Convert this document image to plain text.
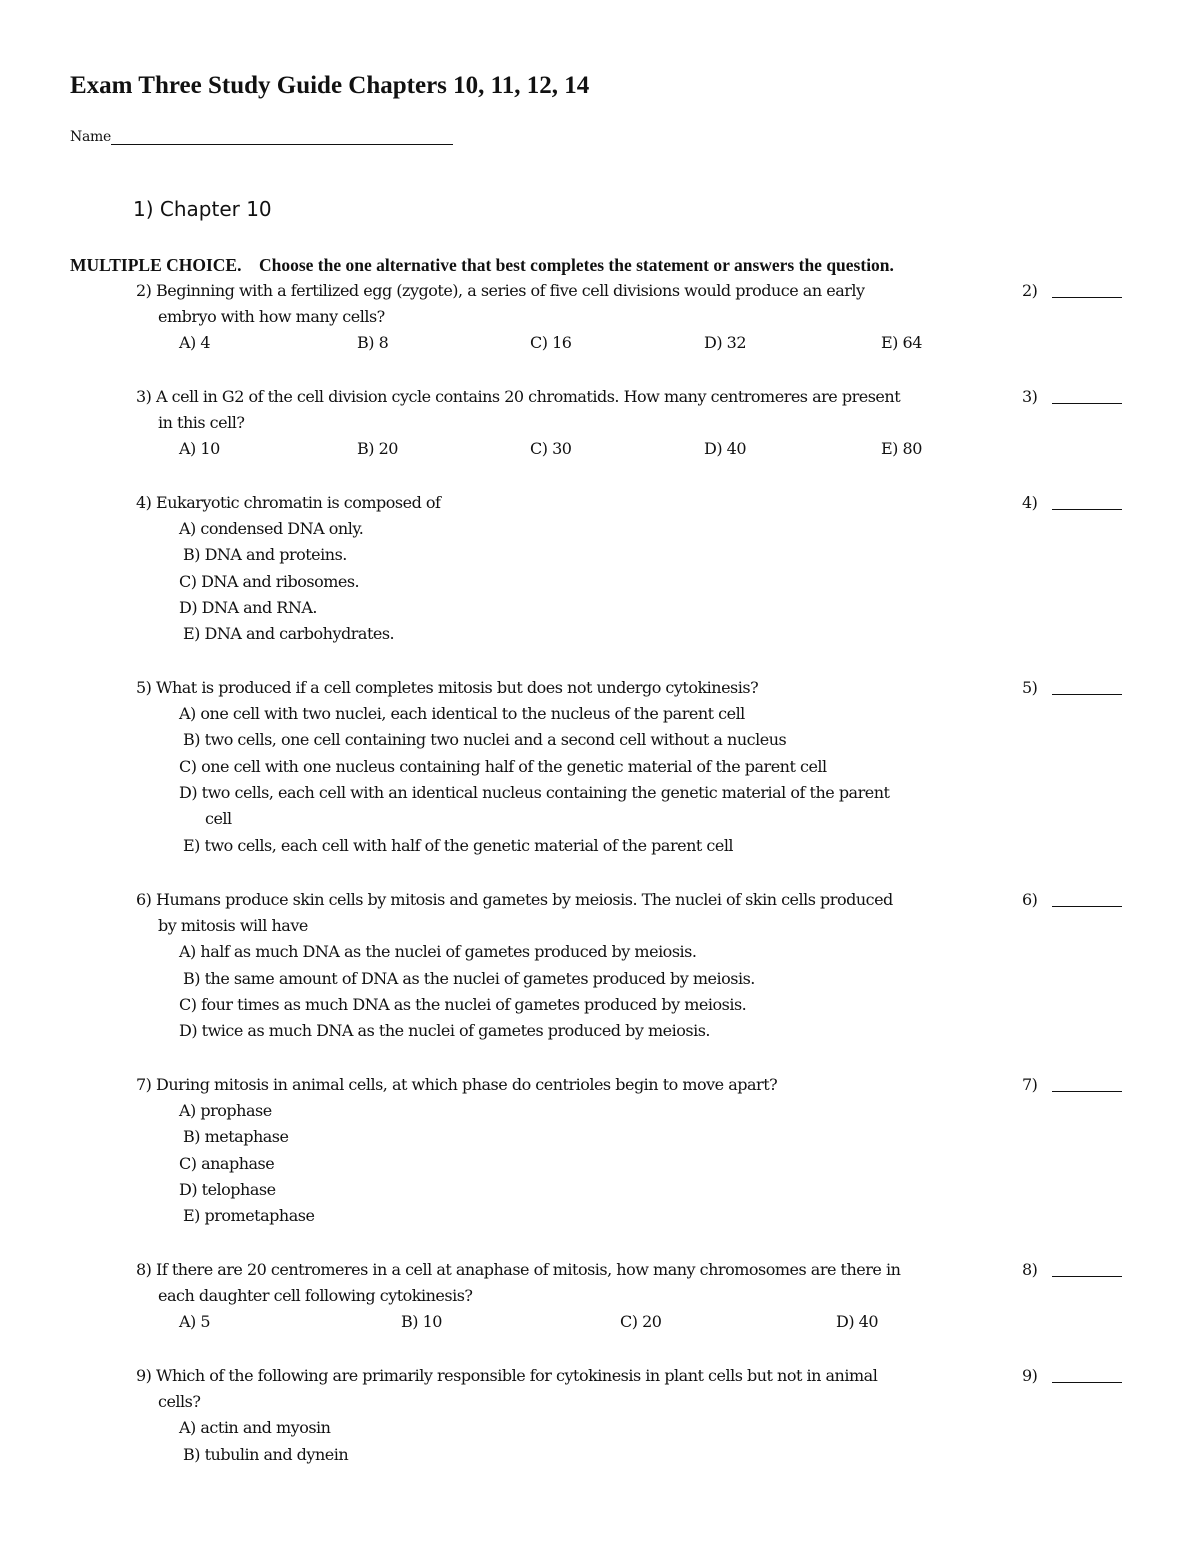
Exam Three Study Guide Chapters 10, 11, 12, 14
Name
1) Chapter 10
MULTIPLE CHOICE.    Choose the one alternative that best completes the statement or answers the question.
2) Beginning with a fertilized egg (zygote), a series of five cell divisions would produce an early
embryo with how many cells?
A) 4	B) 8	C) 16	D) 32	E) 64
2)
3) A cell in G2 of the cell division cycle contains 20 chromatids. How many centromeres are present
in this cell?
A) 10	B) 20	C) 30	D) 40	E) 80
3)
4) Eukaryotic chromatin is composed of
A) condensed DNA only.
B) DNA and proteins.
C) DNA and ribosomes.
D) DNA and RNA.
E) DNA and carbohydrates.
4)
5) What is produced if a cell completes mitosis but does not undergo cytokinesis?
A) one cell with two nuclei, each identical to the nucleus of the parent cell
B) two cells, one cell containing two nuclei and a second cell without a nucleus
C) one cell with one nucleus containing half of the genetic material of the parent cell
D) two cells, each cell with an identical nucleus containing the genetic material of the parent
cell
E) two cells, each cell with half of the genetic material of the parent cell
5)
6) Humans produce skin cells by mitosis and gametes by meiosis. The nuclei of skin cells produced
by mitosis will have
A) half as much DNA as the nuclei of gametes produced by meiosis.
B) the same amount of DNA as the nuclei of gametes produced by meiosis.
C) four times as much DNA as the nuclei of gametes produced by meiosis.
D) twice as much DNA as the nuclei of gametes produced by meiosis.
6)
7) During mitosis in animal cells, at which phase do centrioles begin to move apart?
A) prophase
B) metaphase
C) anaphase
D) telophase
E) prometaphase
7)
8) If there are 20 centromeres in a cell at anaphase of mitosis, how many chromosomes are there in
each daughter cell following cytokinesis?
A) 5	B) 10	C) 20	D) 40
8)
9) Which of the following are primarily responsible for cytokinesis in plant cells but not in animal
cells?
A) actin and myosin
B) tubulin and dynein
9)
